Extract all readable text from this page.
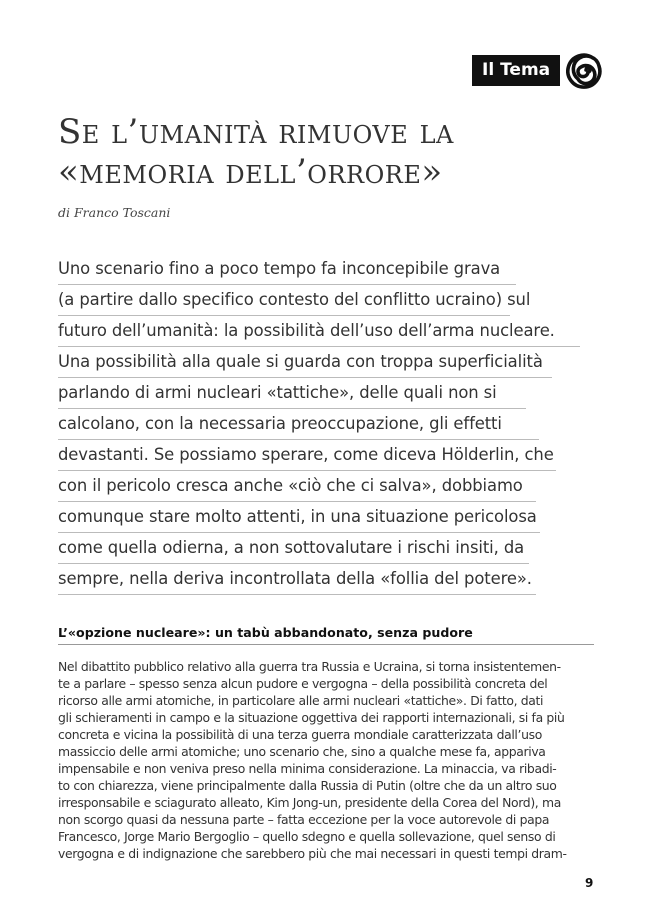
Il Tema
Se l’umanità rimuove la
«memoria dell’orrore»
di Franco Toscani
Uno scenario fino a poco tempo fa inconcepibile grava
(a partire dallo specifico contesto del conflitto ucraino) sul
futuro dell’umanità: la possibilità dell’uso dell’arma nucleare.
Una possibilità alla quale si guarda con troppa superficialità
parlando di armi nucleari «tattiche», delle quali non si
calcolano, con la necessaria preoccupazione, gli effetti
devastanti. Se possiamo sperare, come diceva Hölderlin, che
con il pericolo cresca anche «ciò che ci salva», dobbiamo
comunque stare molto attenti, in una situazione pericolosa
come quella odierna, a non sottovalutare i rischi insiti, da
sempre, nella deriva incontrollata della «follia del potere».
L’«opzione nucleare»: un tabù abbandonato, senza pudore
Nel dibattito pubblico relativo alla guerra tra Russia e Ucraina, si torna insistentemen-
te a parlare – spesso senza alcun pudore e vergogna – della possibilità concreta del
ricorso alle armi atomiche, in particolare alle armi nucleari «tattiche». Di fatto, dati
gli schieramenti in campo e la situazione oggettiva dei rapporti internazionali, si fa più
concreta e vicina la possibilità di una terza guerra mondiale caratterizzata dall’uso
massiccio delle armi atomiche; uno scenario che, sino a qualche mese fa, appariva
impensabile e non veniva preso nella minima considerazione. La minaccia, va ribadi-
to con chiarezza, viene principalmente dalla Russia di Putin (oltre che da un altro suo
irresponsabile e sciagurato alleato, Kim Jong-un, presidente della Corea del Nord), ma
non scorgo quasi da nessuna parte – fatta eccezione per la voce autorevole di papa
Francesco, Jorge Mario Bergoglio – quello sdegno e quella sollevazione, quel senso di
vergogna e di indignazione che sarebbero più che mai necessari in questi tempi dram-
9
